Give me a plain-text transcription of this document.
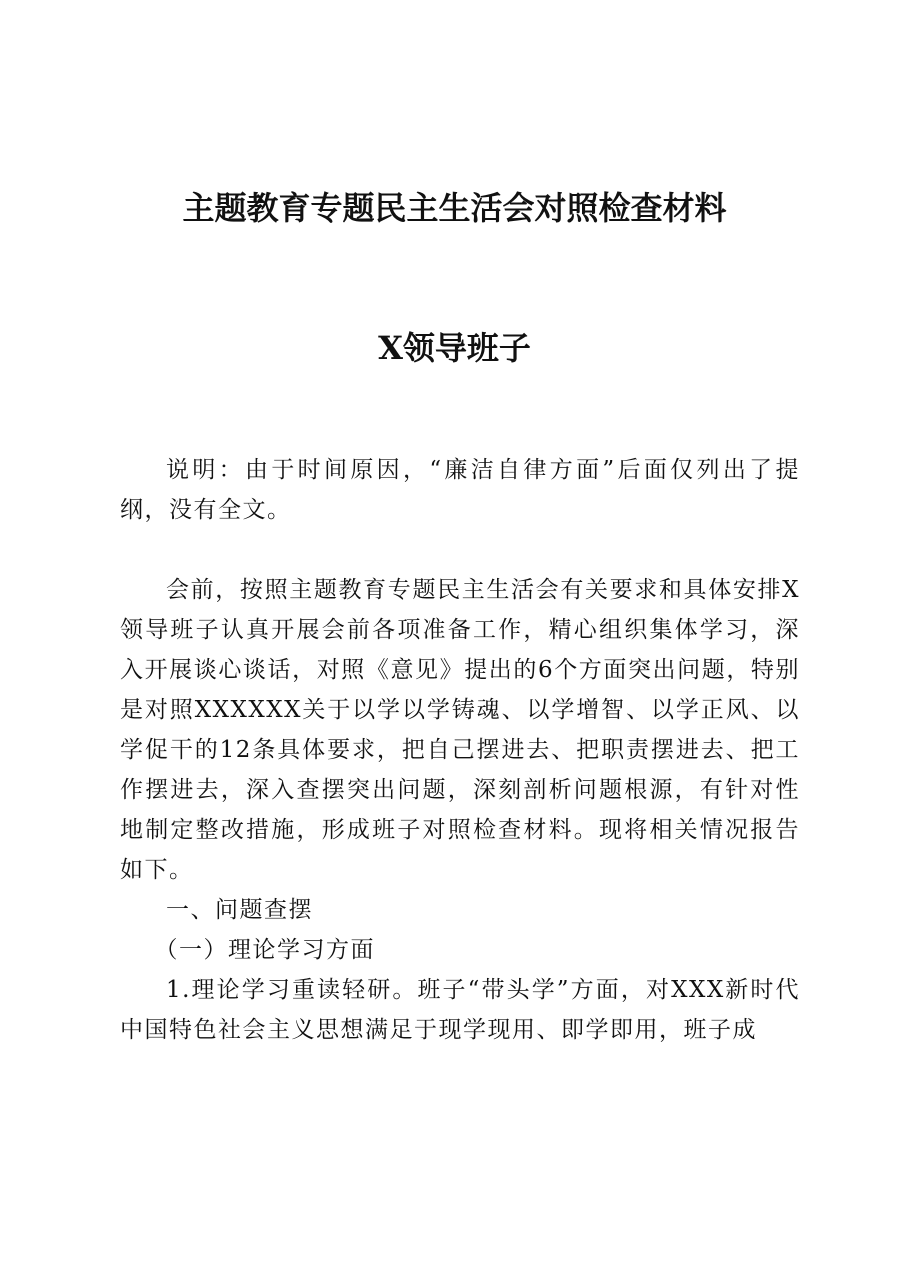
主题教育专题民主生活会对照检查材料
X领导班子

说明：由于时间原因，“廉洁自律方面”后面仅列出了提纲，没有全文。

会前，按照主题教育专题民主生活会有关要求和具体安排X领导班子认真开展会前各项准备工作，精心组织集体学习，深入开展谈心谈话，对照《意见》提出的6个方面突出问题，特别是对照XXXXXX关于以学以学铸魂、以学增智、以学正风、以学促干的12条具体要求，把自己摆进去、把职责摆进去、把工作摆进去，深入查摆突出问题，深刻剖析问题根源，有针对性地制定整改措施，形成班子对照检查材料。现将相关情况报告如下。

一、问题查摆

（一）理论学习方面

1.理论学习重读轻研。班子“带头学”方面，对XXX新时代中国特色社会主义思想满足于现学现用、即学即用，班子成
